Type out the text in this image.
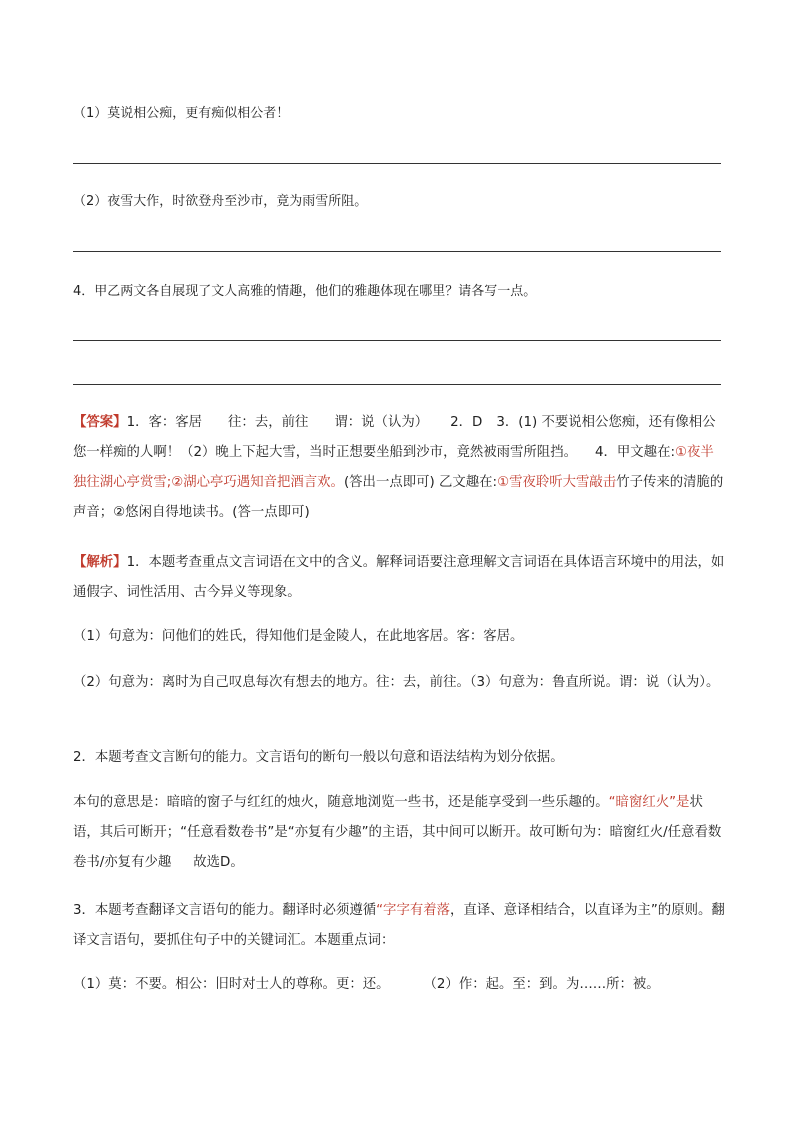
（1）莫说相公痴，更有痴似相公者！
（2）夜雪大作，时欲登舟至沙市，竟为雨雪所阻。
4．甲乙两文各自展现了文人高雅的情趣，他们的雅趣体现在哪里？请各写一点。
【答案】1．客：客居 往：去，前往 谓：说（认为） 2．D 3．(1) 不要说相公您痴，还有像相公您一样痴的人啊！（2）晚上下起大雪，当时正想要坐船到沙市，竟然被雨雪所阻挡。 4．甲文趣在:①夜半独往湖心亭赏雪;②湖心亭巧遇知音把酒言欢。(答出一点即可) 乙文趣在:①雪夜聆听大雪敲击竹子传来的清脆的声音；②悠闲自得地读书。(答一点即可)
【解析】1．本题考查重点文言词语在文中的含义。解释词语要注意理解文言词语在具体语言环境中的用法，如通假字、词性活用、古今异义等现象。
（1）句意为：问他们的姓氏，得知他们是金陵人，在此地客居。客：客居。
（2）句意为：离时为自己叹息每次有想去的地方。往：去，前往。（3）句意为：鲁直所说。谓：说（认为）。
2．本题考查文言断句的能力。文言语句的断句一般以句意和语法结构为划分依据。
本句的意思是：暗暗的窗子与红红的烛火，随意地浏览一些书，还是能享受到一些乐趣的。“暗窗红火”是状语，其后可断开；“任意看数卷书”是“亦复有少趣”的主语，其中间可以断开。故可断句为：暗窗红火/任意看数卷书/亦复有少趣 故选D。
3．本题考查翻译文言语句的能力。翻译时必须遵循“字字有着落，直译、意译相结合，以直译为主”的原则。翻译文言语句，要抓住句子中的关键词汇。本题重点词：
（1）莫：不要。相公：旧时对士人的尊称。更：还。	（2）作：起。至：到。为……所：被。
